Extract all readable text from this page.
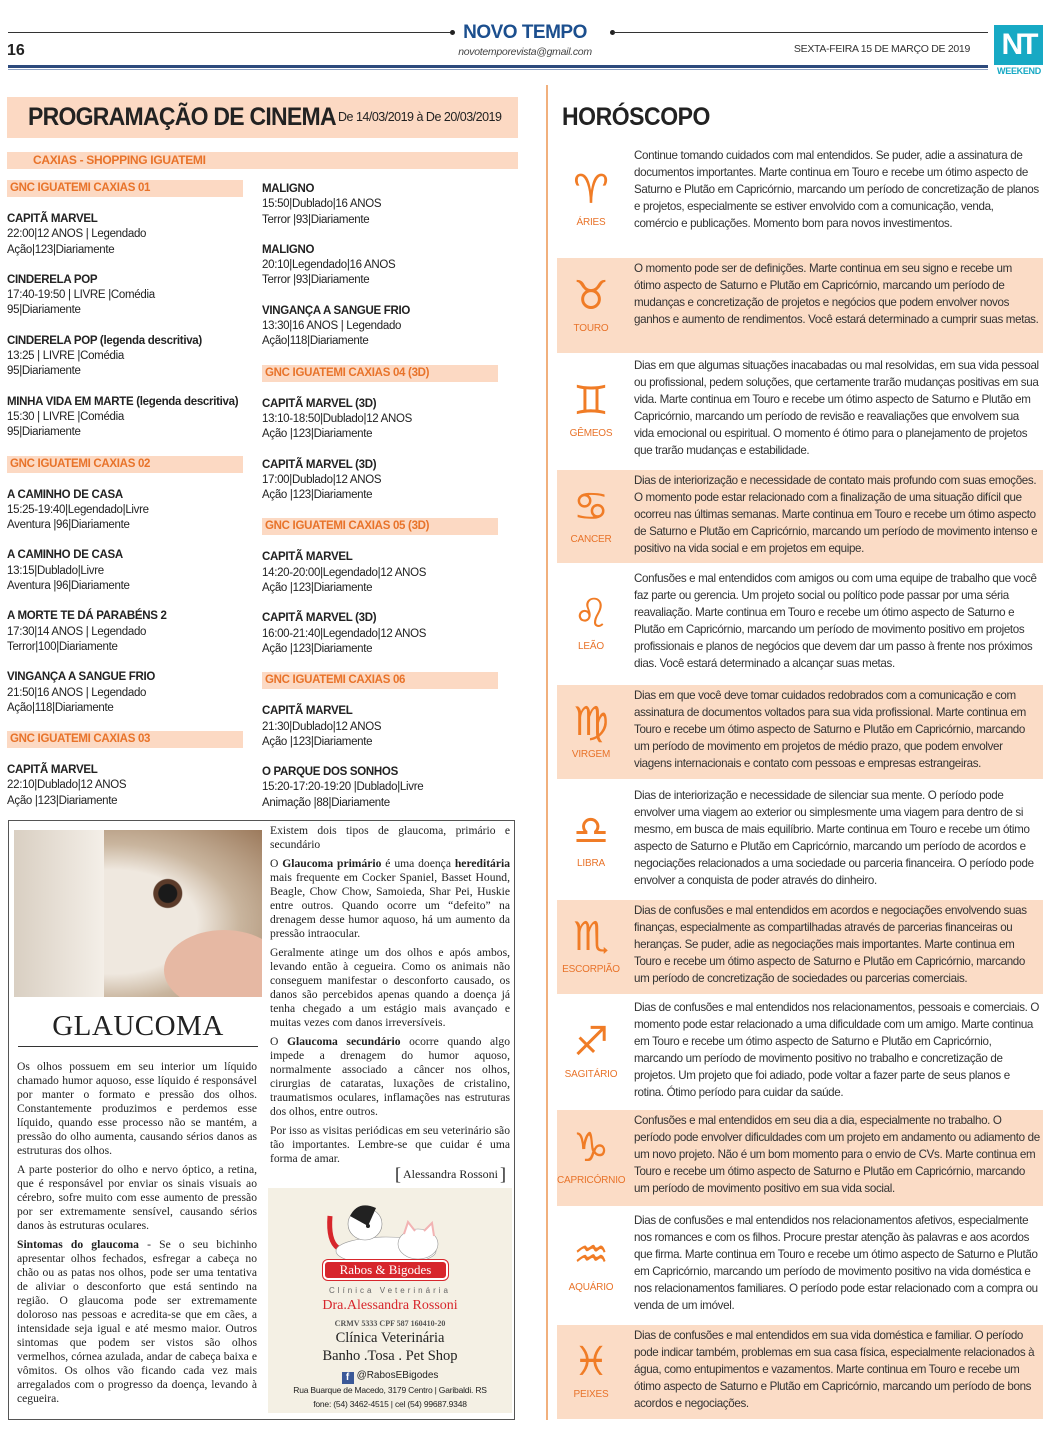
NOVO TEMPO
novotemporevista@gmail.com
16	SEXTA-FEIRA 15 DE MARÇO DE 2019 NT
WEEKEND
PROGRAMAÇÃO DE CINEMA De 14/03/2019 à De 20/03/2019
CAXIAS - SHOPPING IGUATEMI
GNC IGUATEMI CAXIAS 01
CAPITÃ MARVEL
22:00|12 ANOS | Legendado
Ação|123|Diariamente
CINDERELA POP
17:40-19:50 | LIVRE |Comédia
95|Diariamente
CINDERELA POP (legenda descritiva)
13:25 | LIVRE |Comédia
95|Diariamente
MINHA VIDA EM MARTE (legenda descritiva)
15:30 | LIVRE |Comédia
95|Diariamente
GNC IGUATEMI CAXIAS 02
A CAMINHO DE CASA
15:25-19:40|Legendado|Livre
Aventura |96|Diariamente
A CAMINHO DE CASA
13:15|Dublado|Livre
Aventura |96|Diariamente
A MORTE TE DÁ PARABÉNS 2
17:30|14 ANOS | Legendado
Terror|100|Diariamente
VINGANÇA A SANGUE FRIO
21:50|16 ANOS | Legendado
Ação|118|Diariamente
GNC IGUATEMI CAXIAS 03
CAPITÃ MARVEL
22:10|Dublado|12 ANOS
Ação |123|Diariamente
MALIGNO
15:50|Dublado|16 ANOS
Terror |93|Diariamente
MALIGNO
20:10|Legendado|16 ANOS
Terror |93|Diariamente
VINGANÇA A SANGUE FRIO
13:30|16 ANOS | Legendado
Ação|118|Diariamente
GNC IGUATEMI CAXIAS 04 (3D)
CAPITÃ MARVEL (3D)
13:10-18:50|Dublado|12 ANOS
Ação |123|Diariamente
CAPITÃ MARVEL (3D)
17:00|Dublado|12 ANOS
Ação |123|Diariamente
GNC IGUATEMI CAXIAS 05 (3D)
CAPITÃ MARVEL
14:20-20:00|Legendado|12 ANOS
Ação |123|Diariamente
CAPITÃ MARVEL (3D)
16:00-21:40|Legendado|12 ANOS
Ação |123|Diariamente
GNC IGUATEMI CAXIAS 06
CAPITÃ MARVEL
21:30|Dublado|12 ANOS
Ação |123|Diariamente
O PARQUE DOS SONHOS
15:20-17:20-19:20 |Dublado|Livre
Animação |88|Diariamente
GLAUCOMA

Os olhos possuem em seu interior um líquido chamado humor aquoso, esse líquido é responsável por manter o formato e pressão dos olhos. Constantemente produzimos e perdemos esse líquido, quando esse processo não se mantém, a pressão do olho aumenta, causando sérios danos as estruturas dos olhos.

A parte posterior do olho e nervo óptico, a retina, que é responsável por enviar os sinais visuais ao cérebro, sofre muito com esse aumento de pressão por ser extremamente sensível, causando sérios danos às estruturas oculares.

Sintomas do glaucoma - Se o seu bichinho apresentar olhos fechados, esfregar a cabeça no chão ou as patas nos olhos, pode ser uma tentativa de aliviar o desconforto que está sentindo na região. O glaucoma pode ser extremamente doloroso nas pessoas e acredita-se que em cães, a intensidade seja igual e até mesmo maior. Outros sintomas que podem ser vistos são olhos vermelhos, córnea azulada, andar de cabeça baixa e vômitos. Os olhos vão ficando cada vez mais arregalados com o progresso da doença, levando à cegueira.

Existem dois tipos de glaucoma, primário e secundário

O Glaucoma primário é uma doença hereditária mais frequente em Cocker Spaniel, Basset Hound, Beagle, Chow Chow, Samoieda, Shar Pei, Huskie entre outros. Quando ocorre um “defeito” na drenagem desse humor aquoso, há um aumento da pressão intraocular.

Geralmente atinge um dos olhos e após ambos, levando então à cegueira. Como os animais não conseguem manifestar o desconforto causado, os danos são percebidos apenas quando a doença já tenha chegado a um estágio mais avançado e muitas vezes com danos irreversíveis.

O Glaucoma secundário ocorre quando algo impede a drenagem do humor aquoso, normalmente associado a câncer nos olhos, cirurgias de cataratas, luxações de cristalino, traumatismos oculares, inflamações nas estruturas dos olhos, entre outros.

Por isso as visitas periódicas em seu veterinário são tão importantes. Lembre-se que cuidar é uma forma de amar.

[ Alessandra Rossoni ]
Rabos & Bigodes
Clínica Veterinária
Dra.Alessandra Rossoni
CRMV 5333 CPF 587 160410-20
Clínica Veterinária
Banho .Tosa . Pet Shop
f @RabosEBigodes
Rua Buarque de Macedo, 3179 Centro | Garibaldi. RS
fone: (54) 3462-4515 | cel (54) 99687.9348
HORÓSCOPO
♈
ÁRIES
Continue tomando cuidados com mal entendidos. Se puder, adie a assinatura de documentos importantes. Marte continua em Touro e recebe um ótimo aspecto de Saturno e Plutão em Capricórnio, marcando um período de concretização de planos e projetos, especialmente se estiver envolvido com a comunicação, venda, comércio e publicações. Momento bom para novos investimentos.
♉
TOURO
O momento pode ser de definições. Marte continua em seu signo e recebe um ótimo aspecto de Saturno e Plutão em Capricórnio, marcando um período de mudanças e concretização de projetos e negócios que podem envolver novos ganhos e aumento de rendimentos. Você estará determinado a cumprir suas metas.
♊
GÊMEOS
Dias em que algumas situações inacabadas ou mal resolvidas, em sua vida pessoal ou profissional, pedem soluções, que certamente trarão mudanças positivas em sua vida. Marte continua em Touro e recebe um ótimo aspecto de Saturno e Plutão em Capricórnio, marcando um período de revisão e reavaliações que envolvem sua vida emocional ou espiritual. O momento é ótimo para o planejamento de projetos que trarão mudanças e estabilidade.
♋
CANCER
Dias de interiorização e necessidade de contato mais profundo com suas emoções. O momento pode estar relacionado com a finalização de uma situação difícil que ocorreu nas últimas semanas. Marte continua em Touro e recebe um ótimo aspecto de Saturno e Plutão em Capricórnio, marcando um período de movimento intenso e positivo na vida social e em projetos em equipe.
♌
LEÃO
Confusões e mal entendidos com amigos ou com uma equipe de trabalho que você faz parte ou gerencia. Um projeto social ou político pode passar por uma séria reavaliação. Marte continua em Touro e recebe um ótimo aspecto de Saturno e Plutão em Capricórnio, marcando um período de movimento positivo em projetos profissionais e planos de negócios que devem dar um passo à frente nos próximos dias. Você estará determinado a alcançar suas metas.
♍
VIRGEM
Dias em que você deve tomar cuidados redobrados com a comunicação e com assinatura de documentos voltados para sua vida profissional. Marte continua em Touro e recebe um ótimo aspecto de Saturno e Plutão em Capricórnio, marcando um período de movimento em projetos de médio prazo, que podem envolver viagens internacionais e contato com pessoas e empresas estrangeiras.
♎
LIBRA
Dias de interiorização e necessidade de silenciar sua mente. O período pode envolver uma viagem ao exterior ou simplesmente uma viagem para dentro de si mesmo, em busca de mais equilíbrio. Marte continua em Touro e recebe um ótimo aspecto de Saturno e Plutão em Capricórnio, marcando um período de acordos e negociações relacionados a uma sociedade ou parceria financeira. O período pode envolver a conquista de poder através do dinheiro.
♏
ESCORPIÃO
Dias de confusões e mal entendidos em acordos e negociações envolvendo suas finanças, especialmente as compartilhadas através de parcerias financeiras ou heranças. Se puder, adie as negociações mais importantes. Marte continua em Touro e recebe um ótimo aspecto de Saturno e Plutão em Capricórnio, marcando um período de concretização de sociedades ou parcerias comerciais.
♐
SAGITÁRIO
Dias de confusões e mal entendidos nos relacionamentos, pessoais e comerciais. O momento pode estar relacionado a uma dificuldade com um amigo. Marte continua em Touro e recebe um ótimo aspecto de Saturno e Plutão em Capricórnio, marcando um período de movimento positivo no trabalho e concretização de projetos. Um projeto que foi adiado, pode voltar a fazer parte de seus planos e rotina. Ótimo período para cuidar da saúde.
♑
CAPRICÓRNIO
Confusões e mal entendidos em seu dia a dia, especialmente no trabalho. O período pode envolver dificuldades com um projeto em andamento ou adiamento de um novo projeto. Não é um bom momento para o envio de CVs. Marte continua em Touro e recebe um ótimo aspecto de Saturno e Plutão em Capricórnio, marcando um período de movimento positivo em sua vida social.
♒
AQUÁRIO
Dias de confusões e mal entendidos nos relacionamentos afetivos, especialmente nos romances e com os filhos. Procure prestar atenção às palavras e aos acordos que firma. Marte continua em Touro e recebe um ótimo aspecto de Saturno e Plutão em Capricórnio, marcando um período de movimento positivo na vida doméstica e nos relacionamentos familiares. O período pode estar relacionado com a compra ou venda de um imóvel.
♓
PEIXES
Dias de confusões e mal entendidos em sua vida doméstica e familiar. O período pode indicar também, problemas em sua casa física, especialmente relacionados à água, como entupimentos e vazamentos. Marte continua em Touro e recebe um ótimo aspecto de Saturno e Plutão em Capricórnio, marcando um período de bons acordos e negociações.
